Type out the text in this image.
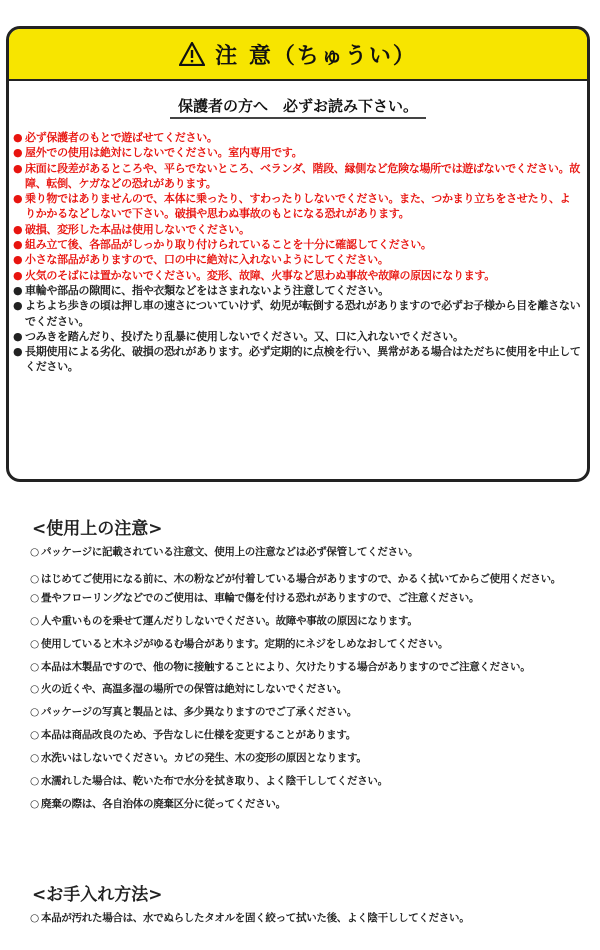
注 意（ちゅうい）
保護者の方へ　必ずお読み下さい。
● 必ず保護者のもとで遊ばせてください。
● 屋外での使用は絶対にしないでください。室内専用です。
● 床面に段差があるところや、平らでないところ、ベランダ、階段、縁側など危険な場所では遊ばないでください。故障、転倒、ケガなどの恐れがあります。
● 乗り物ではありませんので、本体に乗ったり、すわったりしないでください。また、つかまり立ちをさせたり、よりかかるなどしないで下さい。破損や思わぬ事故のもとになる恐れがあります。
● 破損、変形した本品は使用しないでください。
● 組み立て後、各部品がしっかり取り付けられていることを十分に確認してください。
● 小さな部品がありますので、口の中に絶対に入れないようにしてください。
● 火気のそばには置かないでください。変形、故障、火事など思わぬ事故や故障の原因になります。
● 車輪や部品の隙間に、指や衣類などをはさまれないよう注意してください。
● よちよち歩きの頃は押し車の速さについていけず、幼児が転倒する恐れがありますので必ずお子様から目を離さないでください。
● つみきを踏んだり、投げたり乱暴に使用しないでください。又、口に入れないでください。
● 長期使用による劣化、破損の恐れがあります。必ず定期的に点検を行い、異常がある場合はただちに使用を中止してください。
<使用上の注意>
○ パッケージに記載されている注意文、使用上の注意などは必ず保管してください。
○ はじめてご使用になる前に、木の粉などが付着している場合がありますので、かるく拭いてからご使用ください。
○ 畳やフローリングなどでのご使用は、車輪で傷を付ける恐れがありますので、ご注意ください。
○ 人や重いものを乗せて運んだりしないでください。故障や事故の原因になります。
○ 使用していると木ネジがゆるむ場合があります。定期的にネジをしめなおしてください。
○ 本品は木製品ですので、他の物に接触することにより、欠けたりする場合がありますのでご注意ください。
○ 火の近くや、高温多湿の場所での保管は絶対にしないでください。
○ パッケージの写真と製品とは、多少異なりますのでご了承ください。
○ 本品は商品改良のため、予告なしに仕様を変更することがあります。
○ 水洗いはしないでください。カビの発生、木の変形の原因となります。
○ 水濡れした場合は、乾いた布で水分を拭き取り、よく陰干ししてください。
○ 廃棄の際は、各自治体の廃棄区分に従ってください。
<お手入れ方法>
○ 本品が汚れた場合は、水でぬらしたタオルを固く絞って拭いた後、よく陰干ししてください。
